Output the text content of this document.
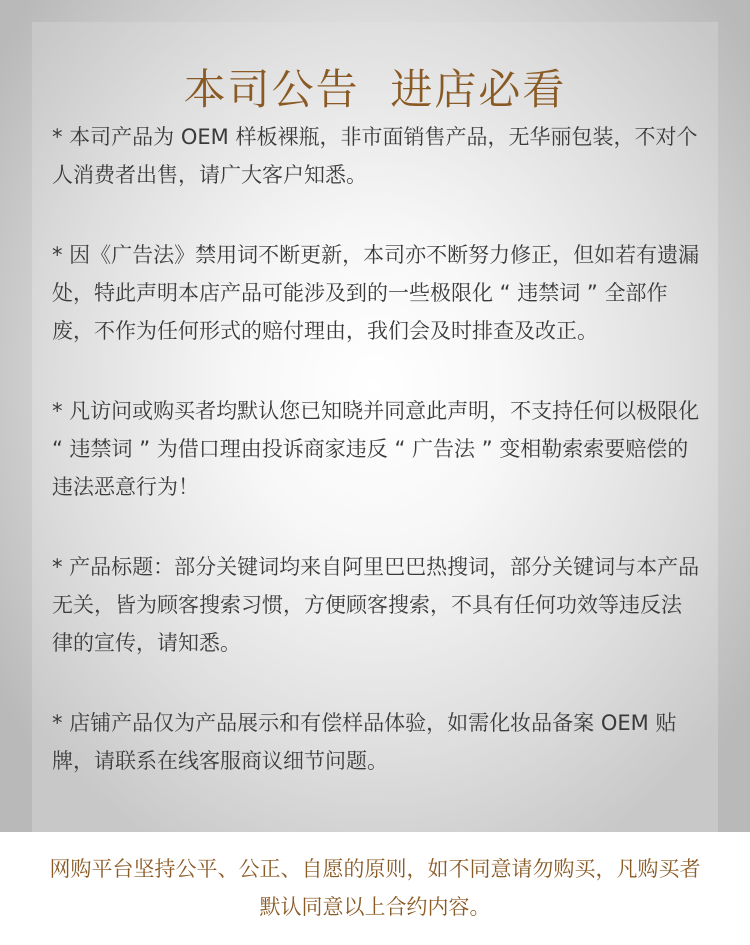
本司公告  进店必看

* 本司产品为 OEM 样板裸瓶，非市面销售产品，无华丽包装，不对个人消费者出售，请广大客户知悉。

* 因《广告法》禁用词不断更新，本司亦不断努力修正，但如若有遗漏处，特此声明本店产品可能涉及到的一些极限化 “ 违禁词 ” 全部作废，不作为任何形式的赔付理由，我们会及时排查及改正。

* 凡访问或购买者均默认您已知晓并同意此声明，不支持任何以极限化 “ 违禁词 ” 为借口理由投诉商家违反 “ 广告法 ” 变相勒索索要赔偿的违法恶意行为！

* 产品标题：部分关键词均来自阿里巴巴热搜词，部分关键词与本产品无关，皆为顾客搜索习惯，方便顾客搜索，不具有任何功效等违反法律的宣传，请知悉。

* 店铺产品仅为产品展示和有偿样品体验，如需化妆品备案 OEM 贴牌，请联系在线客服商议细节问题。

网购平台坚持公平、公正、自愿的原则，如不同意请勿购买，凡购买者默认同意以上合约内容。
